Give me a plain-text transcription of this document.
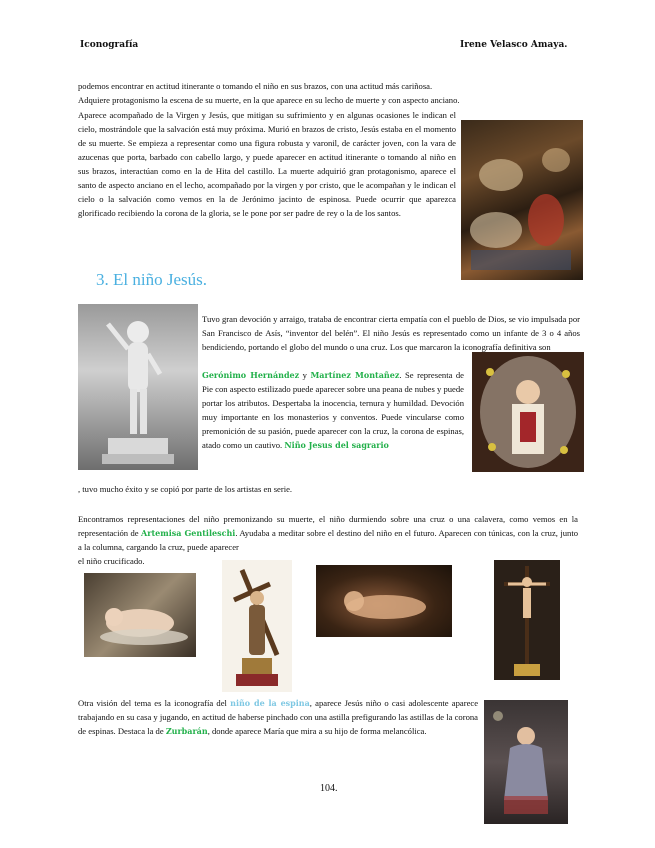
Iconografía	Irene Velasco Amaya.
podemos encontrar en actitud itinerante o tomando el niño en sus brazos, con una actitud más cariñosa.
Adquiere protagonismo la escena de su muerte, en la que aparece en su lecho de muerte y con aspecto anciano.
Aparece acompañado de la Virgen y Jesús, que mitigan su sufrimiento y en algunas ocasiones le indican el cielo, mostrándole que la salvación está muy próxima. Murió en brazos de cristo, Jesús estaba en el momento de su muerte. Se empieza a representar como una figura robusta y varonil, de carácter joven, con la vara de azucenas que porta, barbado con cabello largo, y puede aparecer en actitud itinerante o tomando al niño en sus brazos, interactúan como en la de Hita del castillo. La muerte adquirió gran protagonismo, aparece el santo de aspecto anciano en el lecho, acompañado por la virgen y por cristo, que le acompañan y le indican el cielo o la salvación como vemos en la de Jerónimo jacinto de espinosa. Puede ocurrir que aparezca glorificado recibiendo la corona de la gloria, se le pone por ser padre de rey o la de los santos.
3. El niño Jesús.
Tuvo gran devoción y arraigo, trataba de encontrar cierta empatía con el pueblo de Dios, se vio impulsada por San Francisco de Asís, “inventor del belén”. El niño Jesús es representado como un infante de 3 o 4 años bendiciendo, portando el globo del mundo o una cruz. Los que marcaron la iconografía definitiva son
Gerónimo Hernández y Martínez Montañez. Se representa de Pie con aspecto estilizado puede aparecer sobre una peana de nubes y puede portar los atributos. Despertaba la inocencia, ternura y humildad. Devoción muy importante en los monasterios y conventos. Puede vincularse como premonición de su pasión, puede aparecer con la cruz, la corona de espinas, atado como un cautivo. Niño Jesus del sagrario
, tuvo mucho éxito y se copió por parte de los artistas en serie.
Encontramos representaciones del niño premonizando su muerte, el niño durmiendo sobre una cruz o una calavera, como vemos en la representación de Artemisa Gentileschi. Ayudaba a meditar sobre el destino del niño en el futuro. Aparecen con túnicas, con la cruz, junto a la columna, cargando la cruz, puede aparecer
el niño crucificado.
Otra visión del tema es la iconografía del niño de la espina, aparece Jesús niño o casi adolescente aparece trabajando en su casa y jugando, en actitud de haberse pinchado con una astilla prefigurando las astillas de la corona de espinas. Destaca la de Zurbarán, donde aparece María que mira a su hijo de forma melancólica.
104.
